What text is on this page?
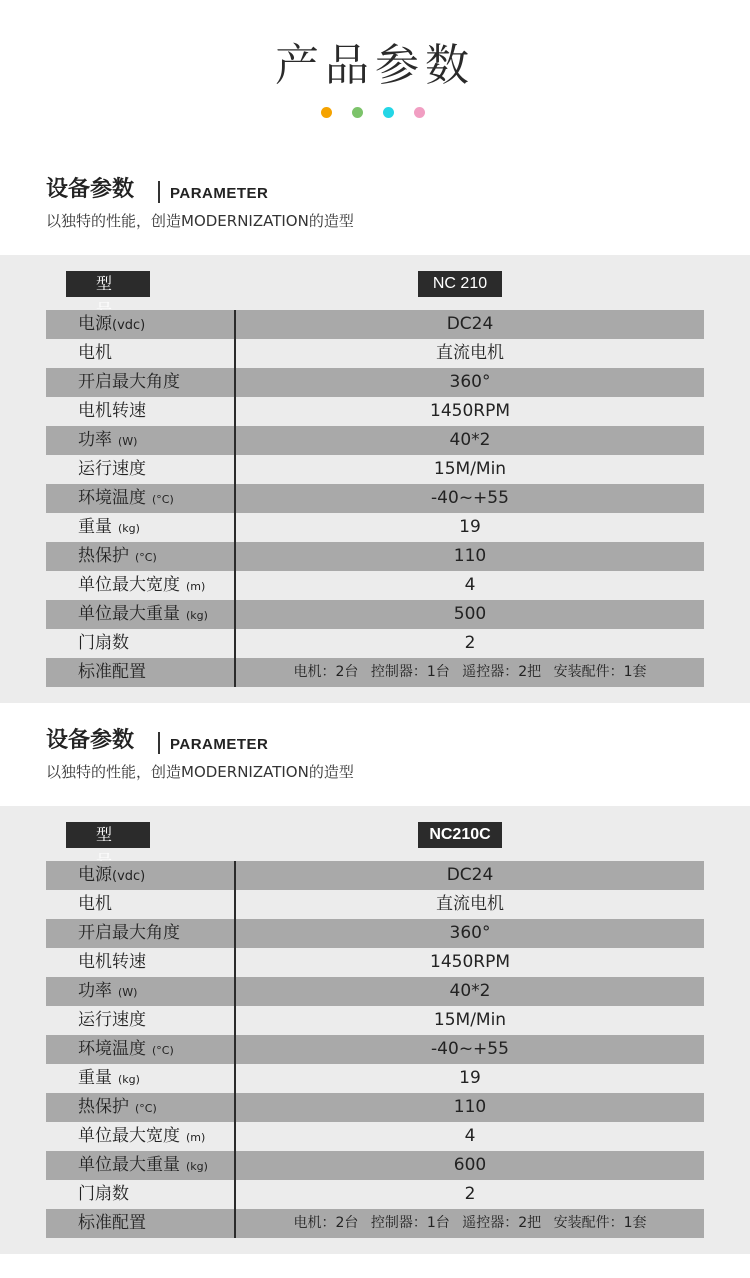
产品参数
设备参数 PARAMETER
以独特的性能，创造MODERNIZATION的造型
型	NC 210
电源(vdc)	DC24
电机	直流电机
开启最大角度	360°
电机转速	1450RPM
功率 (W)	40*2
运行速度	15M/Min
环境温度 (°C)	-40~+55
重量 (kg)	19
热保护 (°C)	110
单位最大宽度 (m)	4
单位最大重量 (kg)	500
门扇数	2
标准配置	电机：2台 控制器：1台 遥控器：2把 安装配件：1套
设备参数 PARAMETER
以独特的性能，创造MODERNIZATION的造型
型	NC210C
电源(vdc)	DC24
电机	直流电机
开启最大角度	360°
电机转速	1450RPM
功率 (W)	40*2
运行速度	15M/Min
环境温度 (°C)	-40~+55
重量 (kg)	19
热保护 (°C)	110
单位最大宽度 (m)	4
单位最大重量 (kg)	600
门扇数	2
标准配置	电机：2台 控制器：1台 遥控器：2把 安装配件：1套
